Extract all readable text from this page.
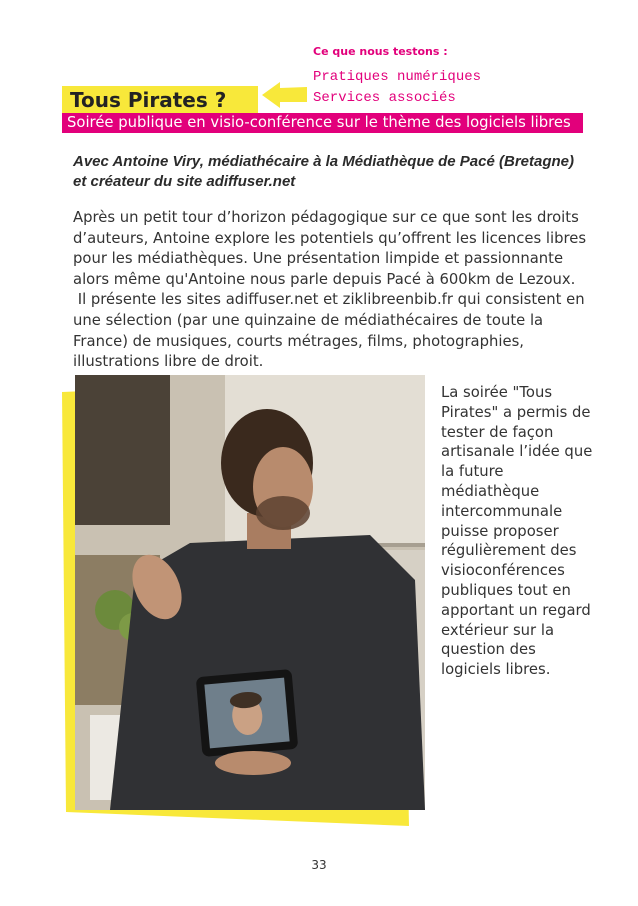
Ce que nous testons :
Pratiques numériques
Services associés
Tous Pirates ?
Soirée publique en visio-conférence sur le thème des logiciels libres
Avec Antoine Viry, médiathécaire à la Médiathèque de Pacé (Bretagne)
et créateur du site adiffuser.net
Après un petit tour d’horizon pédagogique sur ce que sont les droits
d’auteurs, Antoine explore les potentiels qu’offrent les licences libres
pour les médiathèques. Une présentation limpide et passionnante
alors même qu'Antoine nous parle depuis Pacé à 600km de Lezoux.
Il présente les sites adiffuser.net et ziklibreenbib.fr qui consistent en
une sélection (par une quinzaine de médiathécaires de toute la
France) de musiques, courts métrages, films, photographies,
illustrations libre de droit.
La soirée "Tous
Pirates" a permis de
tester de façon
artisanale l’idée que
la future
médiathèque
intercommunale
puisse proposer
régulièrement des
visioconférences
publiques tout en
apportant un regard
extérieur sur la
question des
logiciels libres.
33
